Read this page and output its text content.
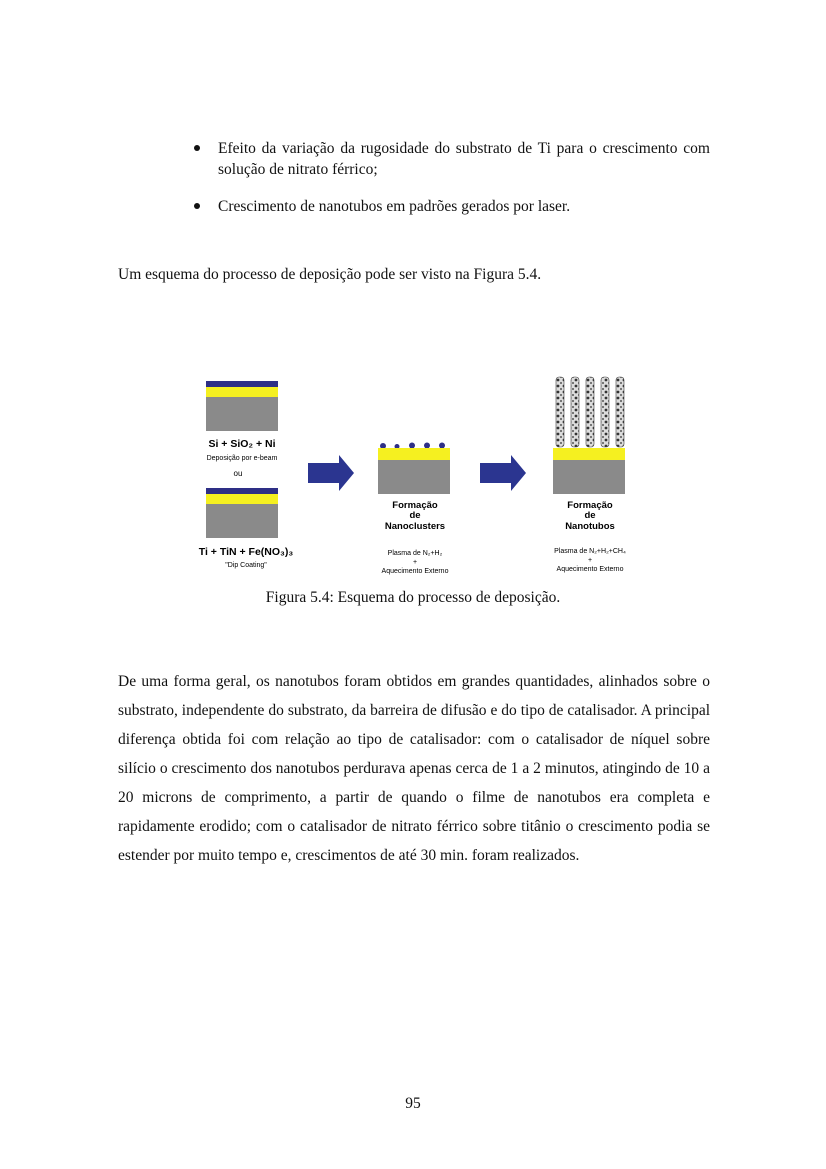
Efeito da variação da rugosidade do substrato de Ti para o crescimento com solução de nitrato férrico;
Crescimento de nanotubos em padrões gerados por laser.
Um esquema do processo de deposição pode ser visto na Figura 5.4.
Si + SiO₂ + Ni
Deposição por e-beam
ou
Ti + TiN + Fe(NO₃)₃
"Dip Coating"
Formação
de
Nanoclusters
Plasma de N₂+H₂
+
Aquecimento Externo
Formação
de
Nanotubos
Plasma de N₂+H₂+CH₄
+
Aquecimento Externo
Figura 5.4: Esquema do processo de deposição.
De uma forma geral, os nanotubos foram obtidos em grandes quantidades, alinhados sobre o substrato, independente do substrato, da barreira de difusão e do tipo de catalisador. A principal diferença obtida foi com relação ao tipo de catalisador: com o catalisador de níquel sobre silício o crescimento dos nanotubos perdurava apenas cerca de 1 a 2 minutos, atingindo de 10 a 20 microns de comprimento, a partir de quando o filme de nanotubos era completa e rapidamente erodido; com o catalisador de nitrato férrico sobre titânio o crescimento podia se estender por muito tempo e, crescimentos de até 30 min. foram realizados.
95
